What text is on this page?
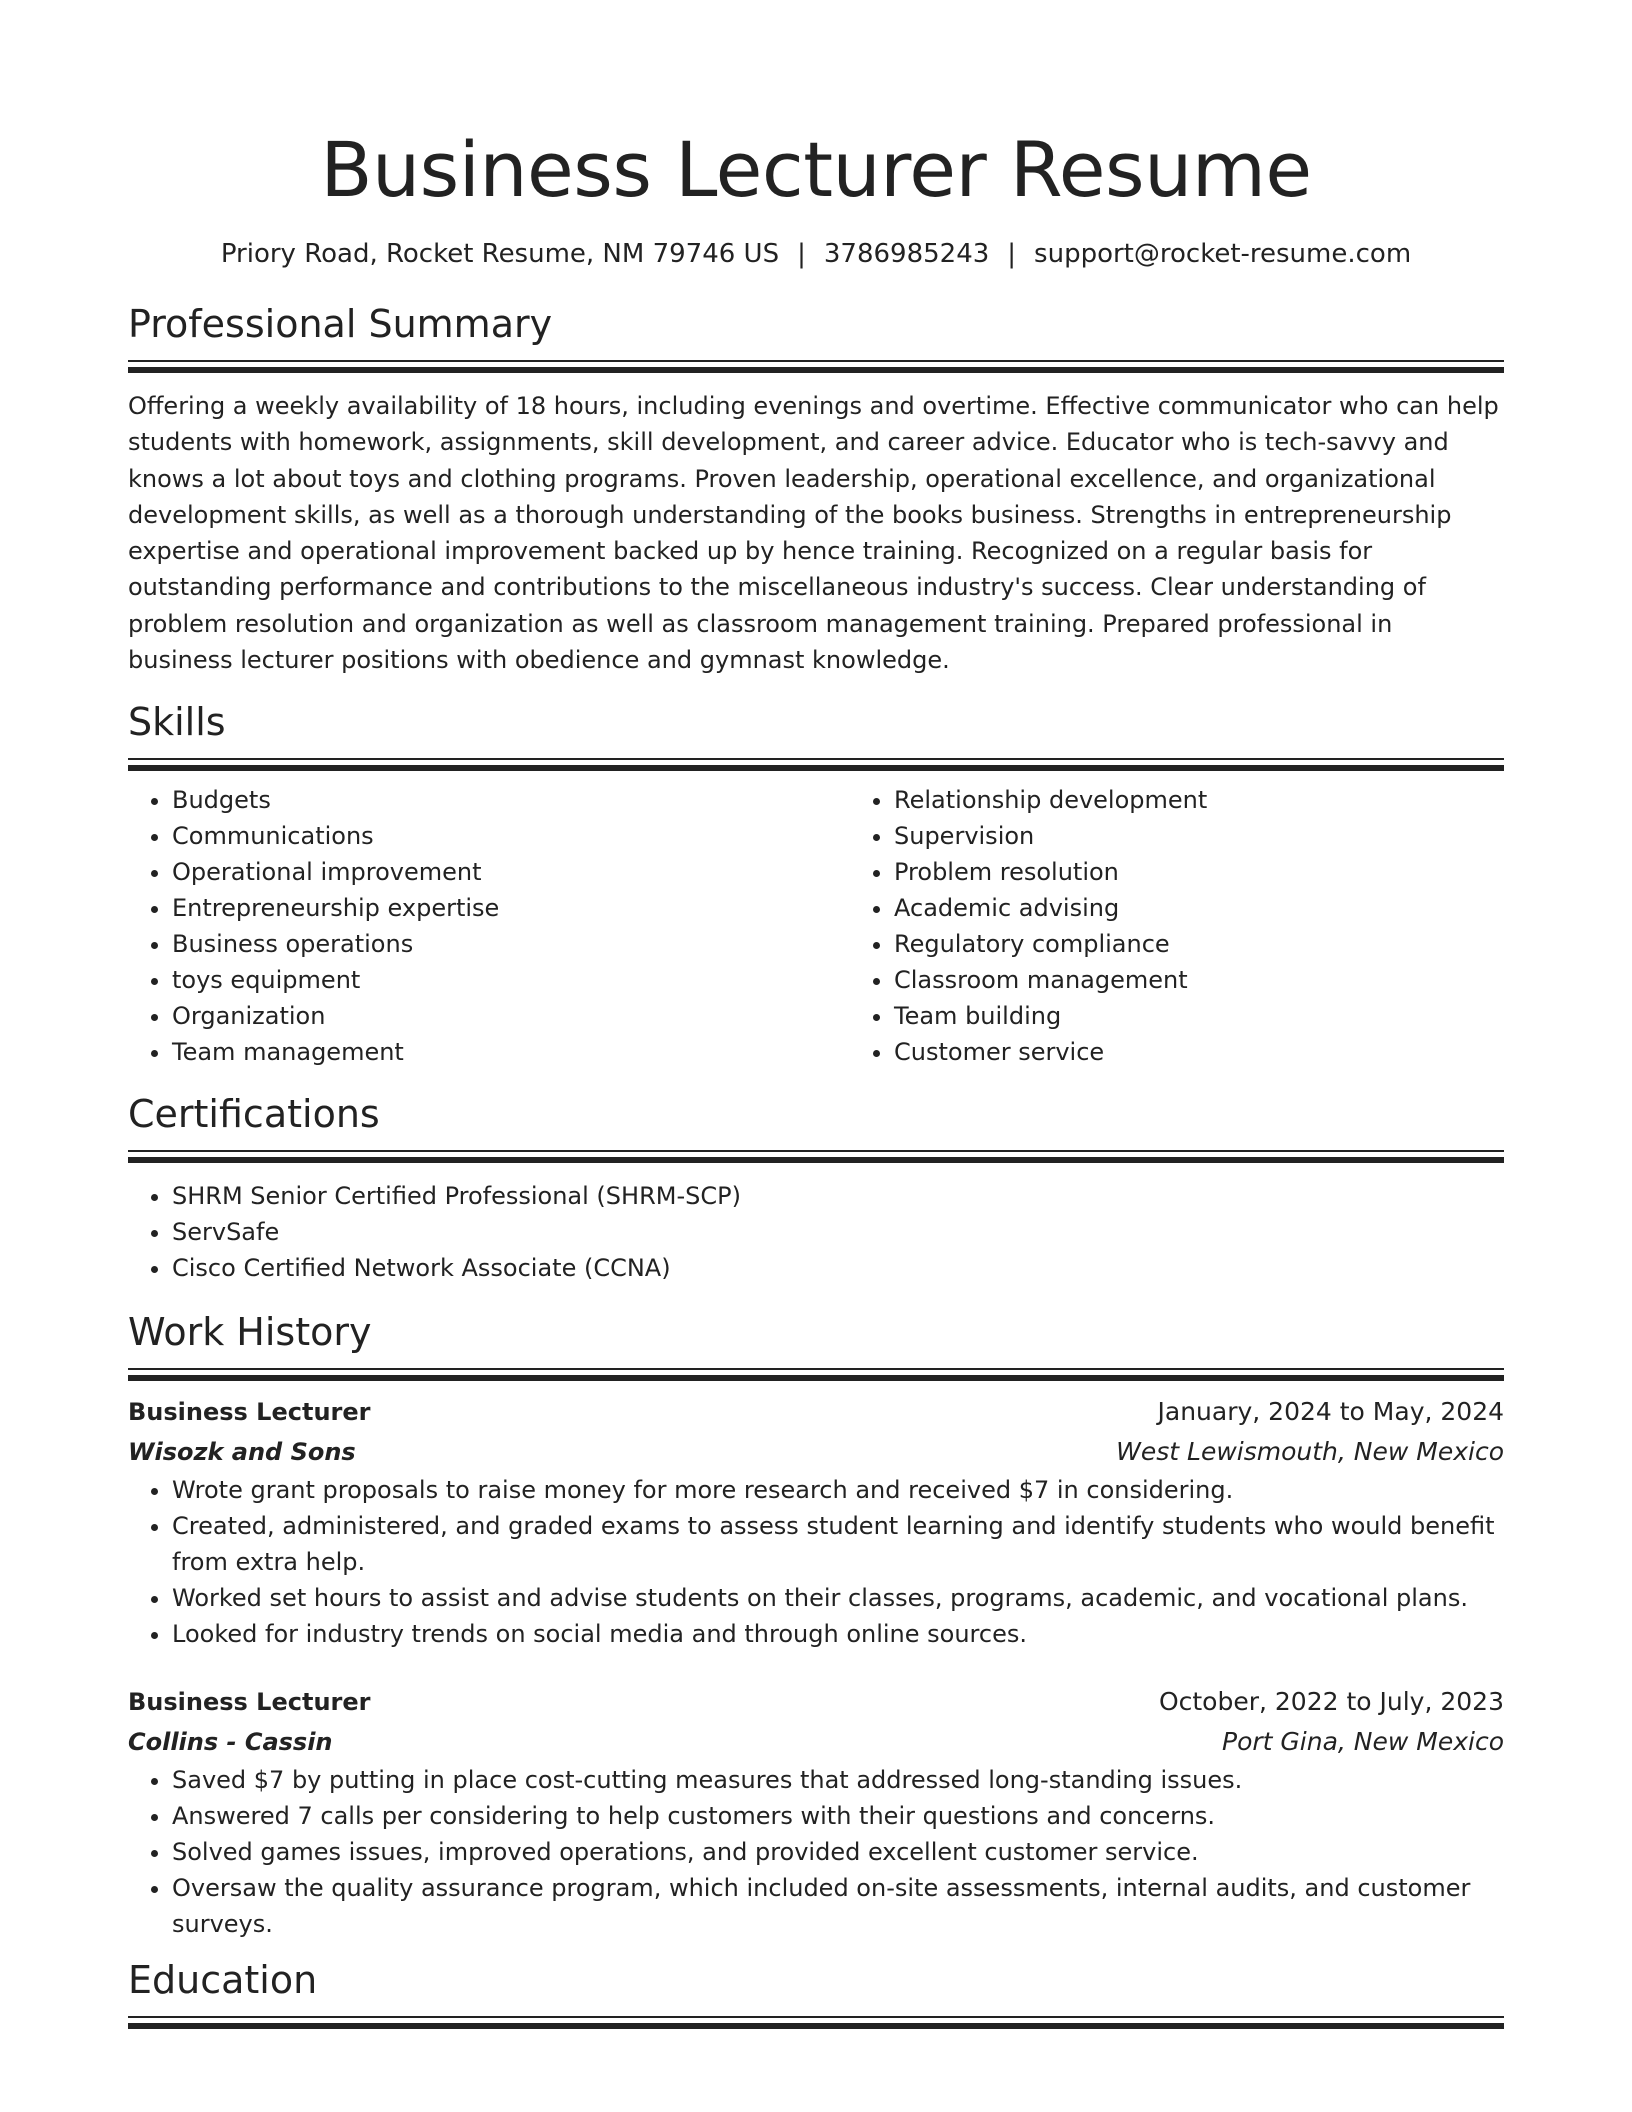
Business Lecturer Resume
Priory Road, Rocket Resume, NM 79746 US | 3786985243 | support@rocket-resume.com
Professional Summary
Offering a weekly availability of 18 hours, including evenings and overtime. Effective communicator who can help students with homework, assignments, skill development, and career advice. Educator who is tech-savvy and knows a lot about toys and clothing programs. Proven leadership, operational excellence, and organizational development skills, as well as a thorough understanding of the books business. Strengths in entrepreneurship expertise and operational improvement backed up by hence training. Recognized on a regular basis for outstanding performance and contributions to the miscellaneous industry's success. Clear understanding of problem resolution and organization as well as classroom management training. Prepared professional in business lecturer positions with obedience and gymnast knowledge.
Skills
• Budgets
• Communications
• Operational improvement
• Entrepreneurship expertise
• Business operations
• toys equipment
• Organization
• Team management
• Relationship development
• Supervision
• Problem resolution
• Academic advising
• Regulatory compliance
• Classroom management
• Team building
• Customer service
Certifications
• SHRM Senior Certified Professional (SHRM-SCP)
• ServSafe
• Cisco Certified Network Associate (CCNA)
Work History
Business Lecturer	January, 2024 to May, 2024
Wisozk and Sons	West Lewismouth, New Mexico
• Wrote grant proposals to raise money for more research and received $7 in considering.
• Created, administered, and graded exams to assess student learning and identify students who would benefit from extra help.
• Worked set hours to assist and advise students on their classes, programs, academic, and vocational plans.
• Looked for industry trends on social media and through online sources.
Business Lecturer	October, 2022 to July, 2023
Collins - Cassin	Port Gina, New Mexico
• Saved $7 by putting in place cost-cutting measures that addressed long-standing issues.
• Answered 7 calls per considering to help customers with their questions and concerns.
• Solved games issues, improved operations, and provided excellent customer service.
• Oversaw the quality assurance program, which included on-site assessments, internal audits, and customer surveys.
Education
